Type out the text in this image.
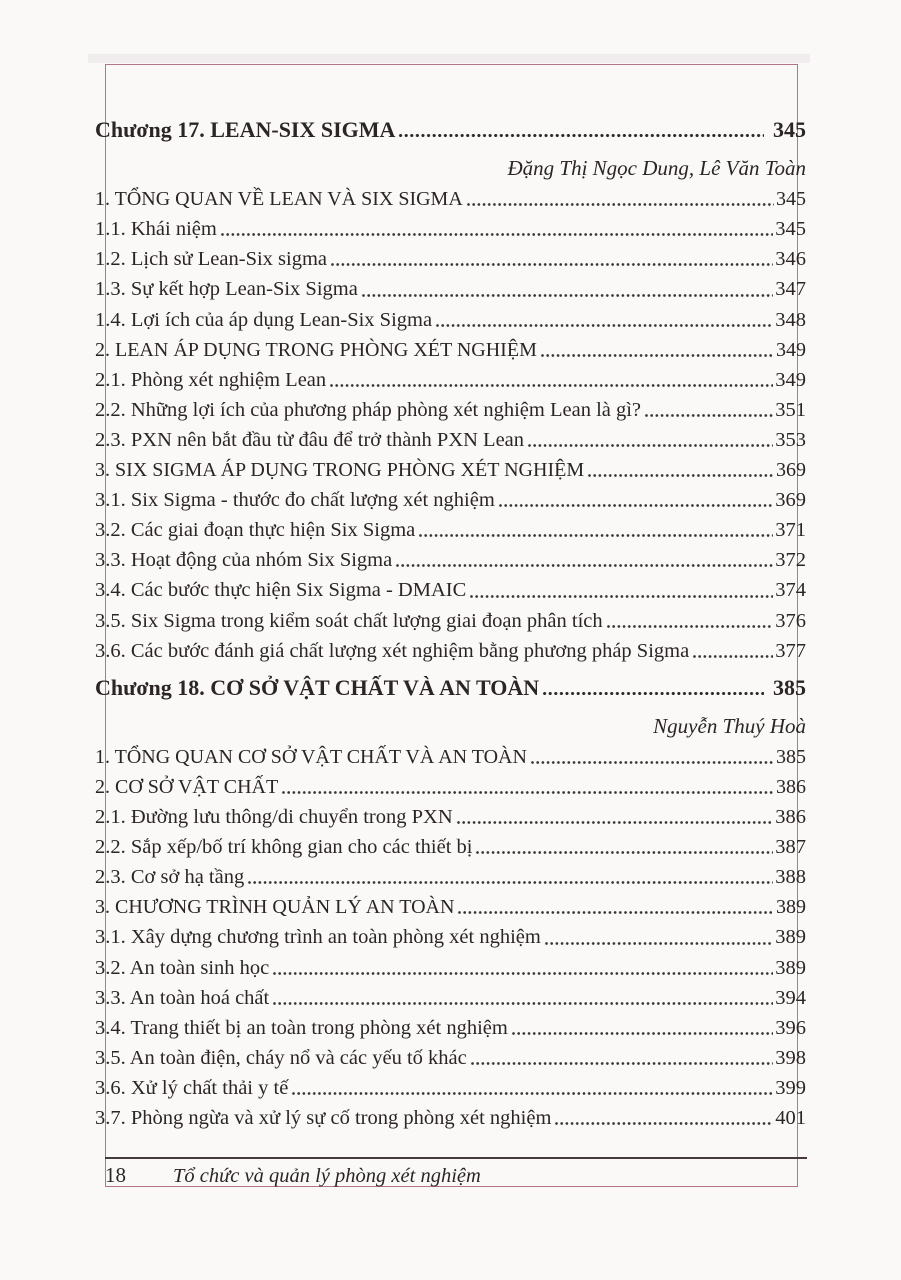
Chương 17. LEAN-SIX SIGMA	345
Đặng Thị Ngọc Dung, Lê Văn Toàn
1. TỔNG QUAN VỀ LEAN VÀ SIX SIGMA	345
1.1. Khái niệm	345
1.2. Lịch sử Lean-Six sigma	346
1.3. Sự kết hợp Lean-Six Sigma	347
1.4. Lợi ích của áp dụng Lean-Six Sigma	348
2. LEAN ÁP DỤNG TRONG PHÒNG XÉT NGHIỆM	349
2.1. Phòng xét nghiệm Lean	349
2.2. Những lợi ích của phương pháp phòng xét nghiệm Lean là gì?	351
2.3. PXN nên bắt đầu từ đâu để trở thành PXN Lean	353
3. SIX SIGMA ÁP DỤNG TRONG PHÒNG XÉT NGHIỆM	369
3.1. Six Sigma - thước đo chất lượng xét nghiệm	369
3.2. Các giai đoạn thực hiện Six Sigma	371
3.3. Hoạt động của nhóm Six Sigma	372
3.4. Các bước thực hiện Six Sigma - DMAIC	374
3.5. Six Sigma trong kiểm soát chất lượng giai đoạn phân tích	376
3.6. Các bước đánh giá chất lượng xét nghiệm bằng phương pháp Sigma	377
Chương 18. CƠ SỞ VẬT CHẤT VÀ AN TOÀN	385
Nguyễn Thuý Hoà
1. TỔNG QUAN CƠ SỞ VẬT CHẤT VÀ AN TOÀN	385
2. CƠ SỞ VẬT CHẤT	386
2.1. Đường lưu thông/di chuyển trong PXN	386
2.2. Sắp xếp/bố trí không gian cho các thiết bị	387
2.3. Cơ sở hạ tầng	388
3. CHƯƠNG TRÌNH QUẢN LÝ AN TOÀN	389
3.1. Xây dựng chương trình an toàn phòng xét nghiệm	389
3.2. An toàn sinh học	389
3.3. An toàn hoá chất	394
3.4. Trang thiết bị an toàn trong phòng xét nghiệm	396
3.5. An toàn điện, cháy nổ và các yếu tố khác	398
3.6. Xử lý chất thải y tế	399
3.7. Phòng ngừa và xử lý sự cố trong phòng xét nghiệm	401
18 Tổ chức và quản lý phòng xét nghiệm
